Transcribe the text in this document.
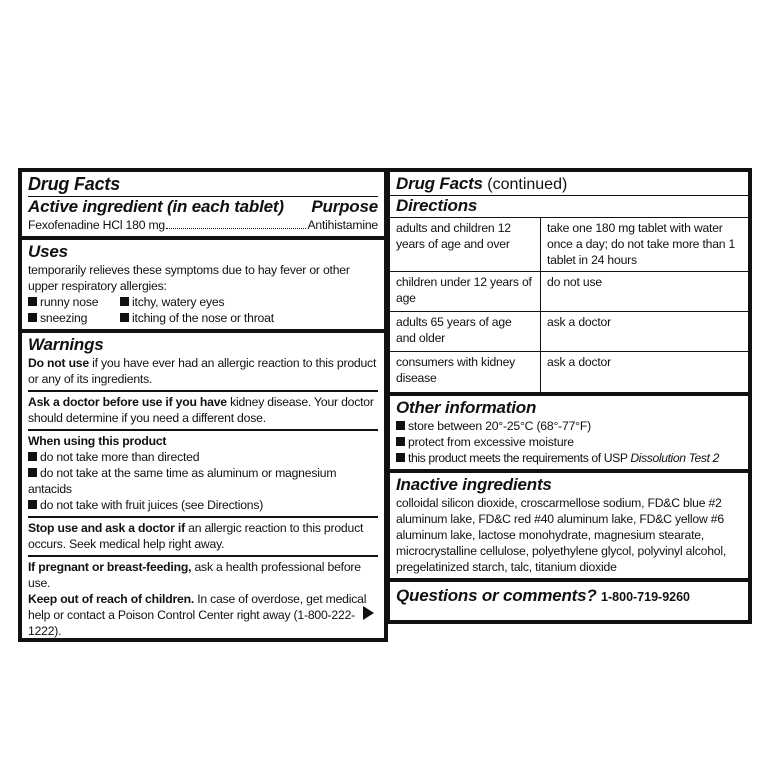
Drug Facts
Active ingredient (in each tablet) Purpose
Fexofenadine HCl 180 mg	Antihistamine
Uses
temporarily relieves these symptoms due to hay fever or other upper respiratory allergies:
runny nose	itchy, watery eyes
sneezing	itching of the nose or throat
Warnings
Do not use if you have ever had an allergic reaction to this product or any of its ingredients.
Ask a doctor before use if you have kidney disease. Your doctor should determine if you need a different dose.
When using this product
do not take more than directed
do not take at the same time as aluminum or magnesium antacids
do not take with fruit juices (see Directions)
Stop use and ask a doctor if an allergic reaction to this product occurs. Seek medical help right away.
If pregnant or breast-feeding, ask a health professional before use.
Keep out of reach of children. In case of overdose, get medical help or contact a Poison Control Center right away (1-800-222-1222).
Drug Facts (continued)
Directions
adults and children 12 years of age and over	take one 180 mg tablet with water once a day; do not take more than 1 tablet in 24 hours
children under 12 years of age	do not use
adults 65 years of age and older	ask a doctor
consumers with kidney disease	ask a doctor
Other information
store between 20°-25°C (68°-77°F)
protect from excessive moisture
this product meets the requirements of USP Dissolution Test 2
Inactive ingredients
colloidal silicon dioxide, croscarmellose sodium, FD&C blue #2 aluminum lake, FD&C red #40 aluminum lake, FD&C yellow #6 aluminum lake, lactose monohydrate, magnesium stearate, microcrystalline cellulose, polyethylene glycol, polyvinyl alcohol, pregelatinized starch, talc, titanium dioxide
Questions or comments? 1-800-719-9260
